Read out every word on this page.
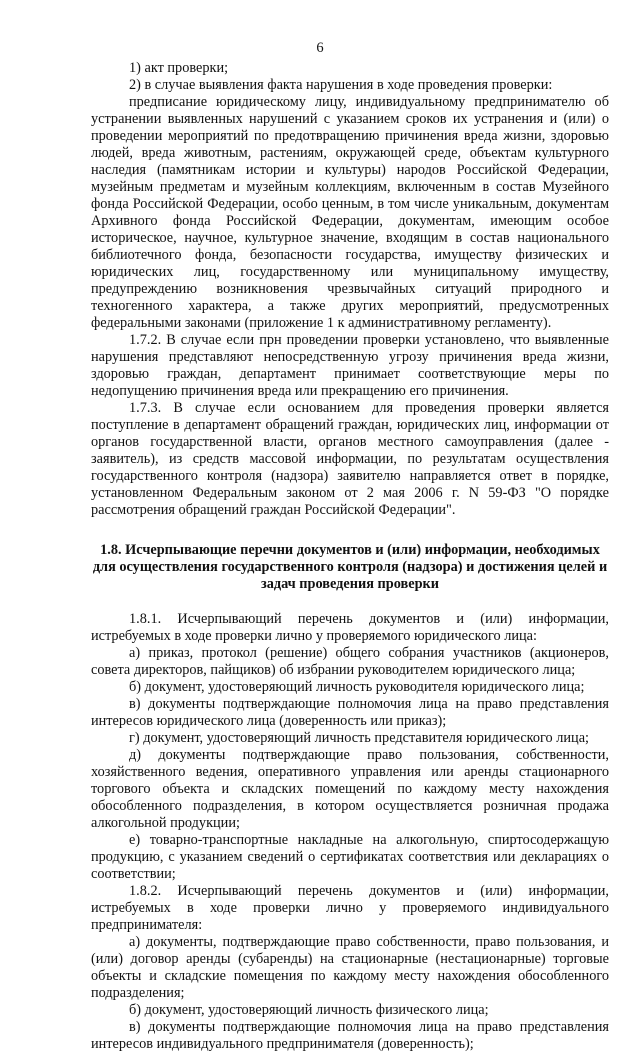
6

1) акт проверки;

2) в случае выявления факта нарушения в ходе проведения проверки:

предписание юридическому лицу, индивидуальному предпринимателю об устранении выявленных нарушений с указанием сроков их устранения и (или) о проведении мероприятий по предотвращению причинения вреда жизни, здоровью людей, вреда животным, растениям, окружающей среде, объектам культурного наследия (памятникам истории и культуры) народов Российской Федерации, музейным предметам и музейным коллекциям, включенным в состав Музейного фонда Российской Федерации, особо ценным, в том числе уникальным, документам Архивного фонда Российской Федерации, документам, имеющим особое историческое, научное, культурное значение, входящим в состав национального библиотечного фонда, безопасности государства, имуществу физических и юридических лиц, государственному или муниципальному имуществу, предупреждению возникновения чрезвычайных ситуаций природного и техногенного характера, а также других мероприятий, предусмотренных федеральными законами (приложение 1 к административному регламенту).

1.7.2. В случае если прн проведении проверки установлено, что выявленные нарушения представляют непосредственную угрозу причинения вреда жизни, здоровью граждан, департамент принимает соответствующие меры по недопущению причинения вреда или прекращению его причинения.

1.7.3. В случае если основанием для проведения проверки является поступление в департамент обращений граждан, юридических лиц, информации от органов государственной власти, органов местного самоуправления (далее - заявитель), из средств массовой информации, по результатам осуществления государственного контроля (надзора) заявителю направляется ответ в порядке, установленном Федеральным законом от 2 мая 2006 г. N 59-ФЗ "О порядке рассмотрения обращений граждан Российской Федерации".

1.8. Исчерпывающие перечни документов и (или) информации, необходимых для осуществления государственного контроля (надзора) и достижения целей и задач проведения проверки

1.8.1. Исчерпывающий перечень документов и (или) информации, истребуемых в ходе проверки лично у проверяемого юридического лица:

а) приказ, протокол (решение) общего собрания участников (акционеров, совета директоров, пайщиков) об избрании руководителем юридического лица;

б) документ, удостоверяющий личность руководителя юридического лица;

в) документы подтверждающие полномочия лица на право представления интересов юридического лица (доверенность или приказ);

г) документ, удостоверяющий личность представителя юридического лица;

д) документы подтверждающие право пользования, собственности, хозяйственного ведения, оперативного управления или аренды стационарного торгового объекта и складских помещений по каждому месту нахождения обособленного подразделения, в котором осуществляется розничная продажа алкогольной продукции;

е) товарно-транспортные накладные на алкогольную, спиртосодержащую продукцию, с указанием сведений о сертификатах соответствия или декларациях о соответствии;

1.8.2. Исчерпывающий перечень документов и (или) информации, истребуемых в ходе проверки лично у проверяемого индивидуального предпринимателя:

а) документы, подтверждающие право собственности, право пользования, и (или) договор аренды (субаренды) на стационарные (нестационарные) торговые объекты и складские помещения по каждому месту нахождения обособленного подразделения;

б) документ, удостоверяющий личность физического лица;

в) документы подтверждающие полномочия лица на право представления интересов индивидуального предпринимателя (доверенность);
